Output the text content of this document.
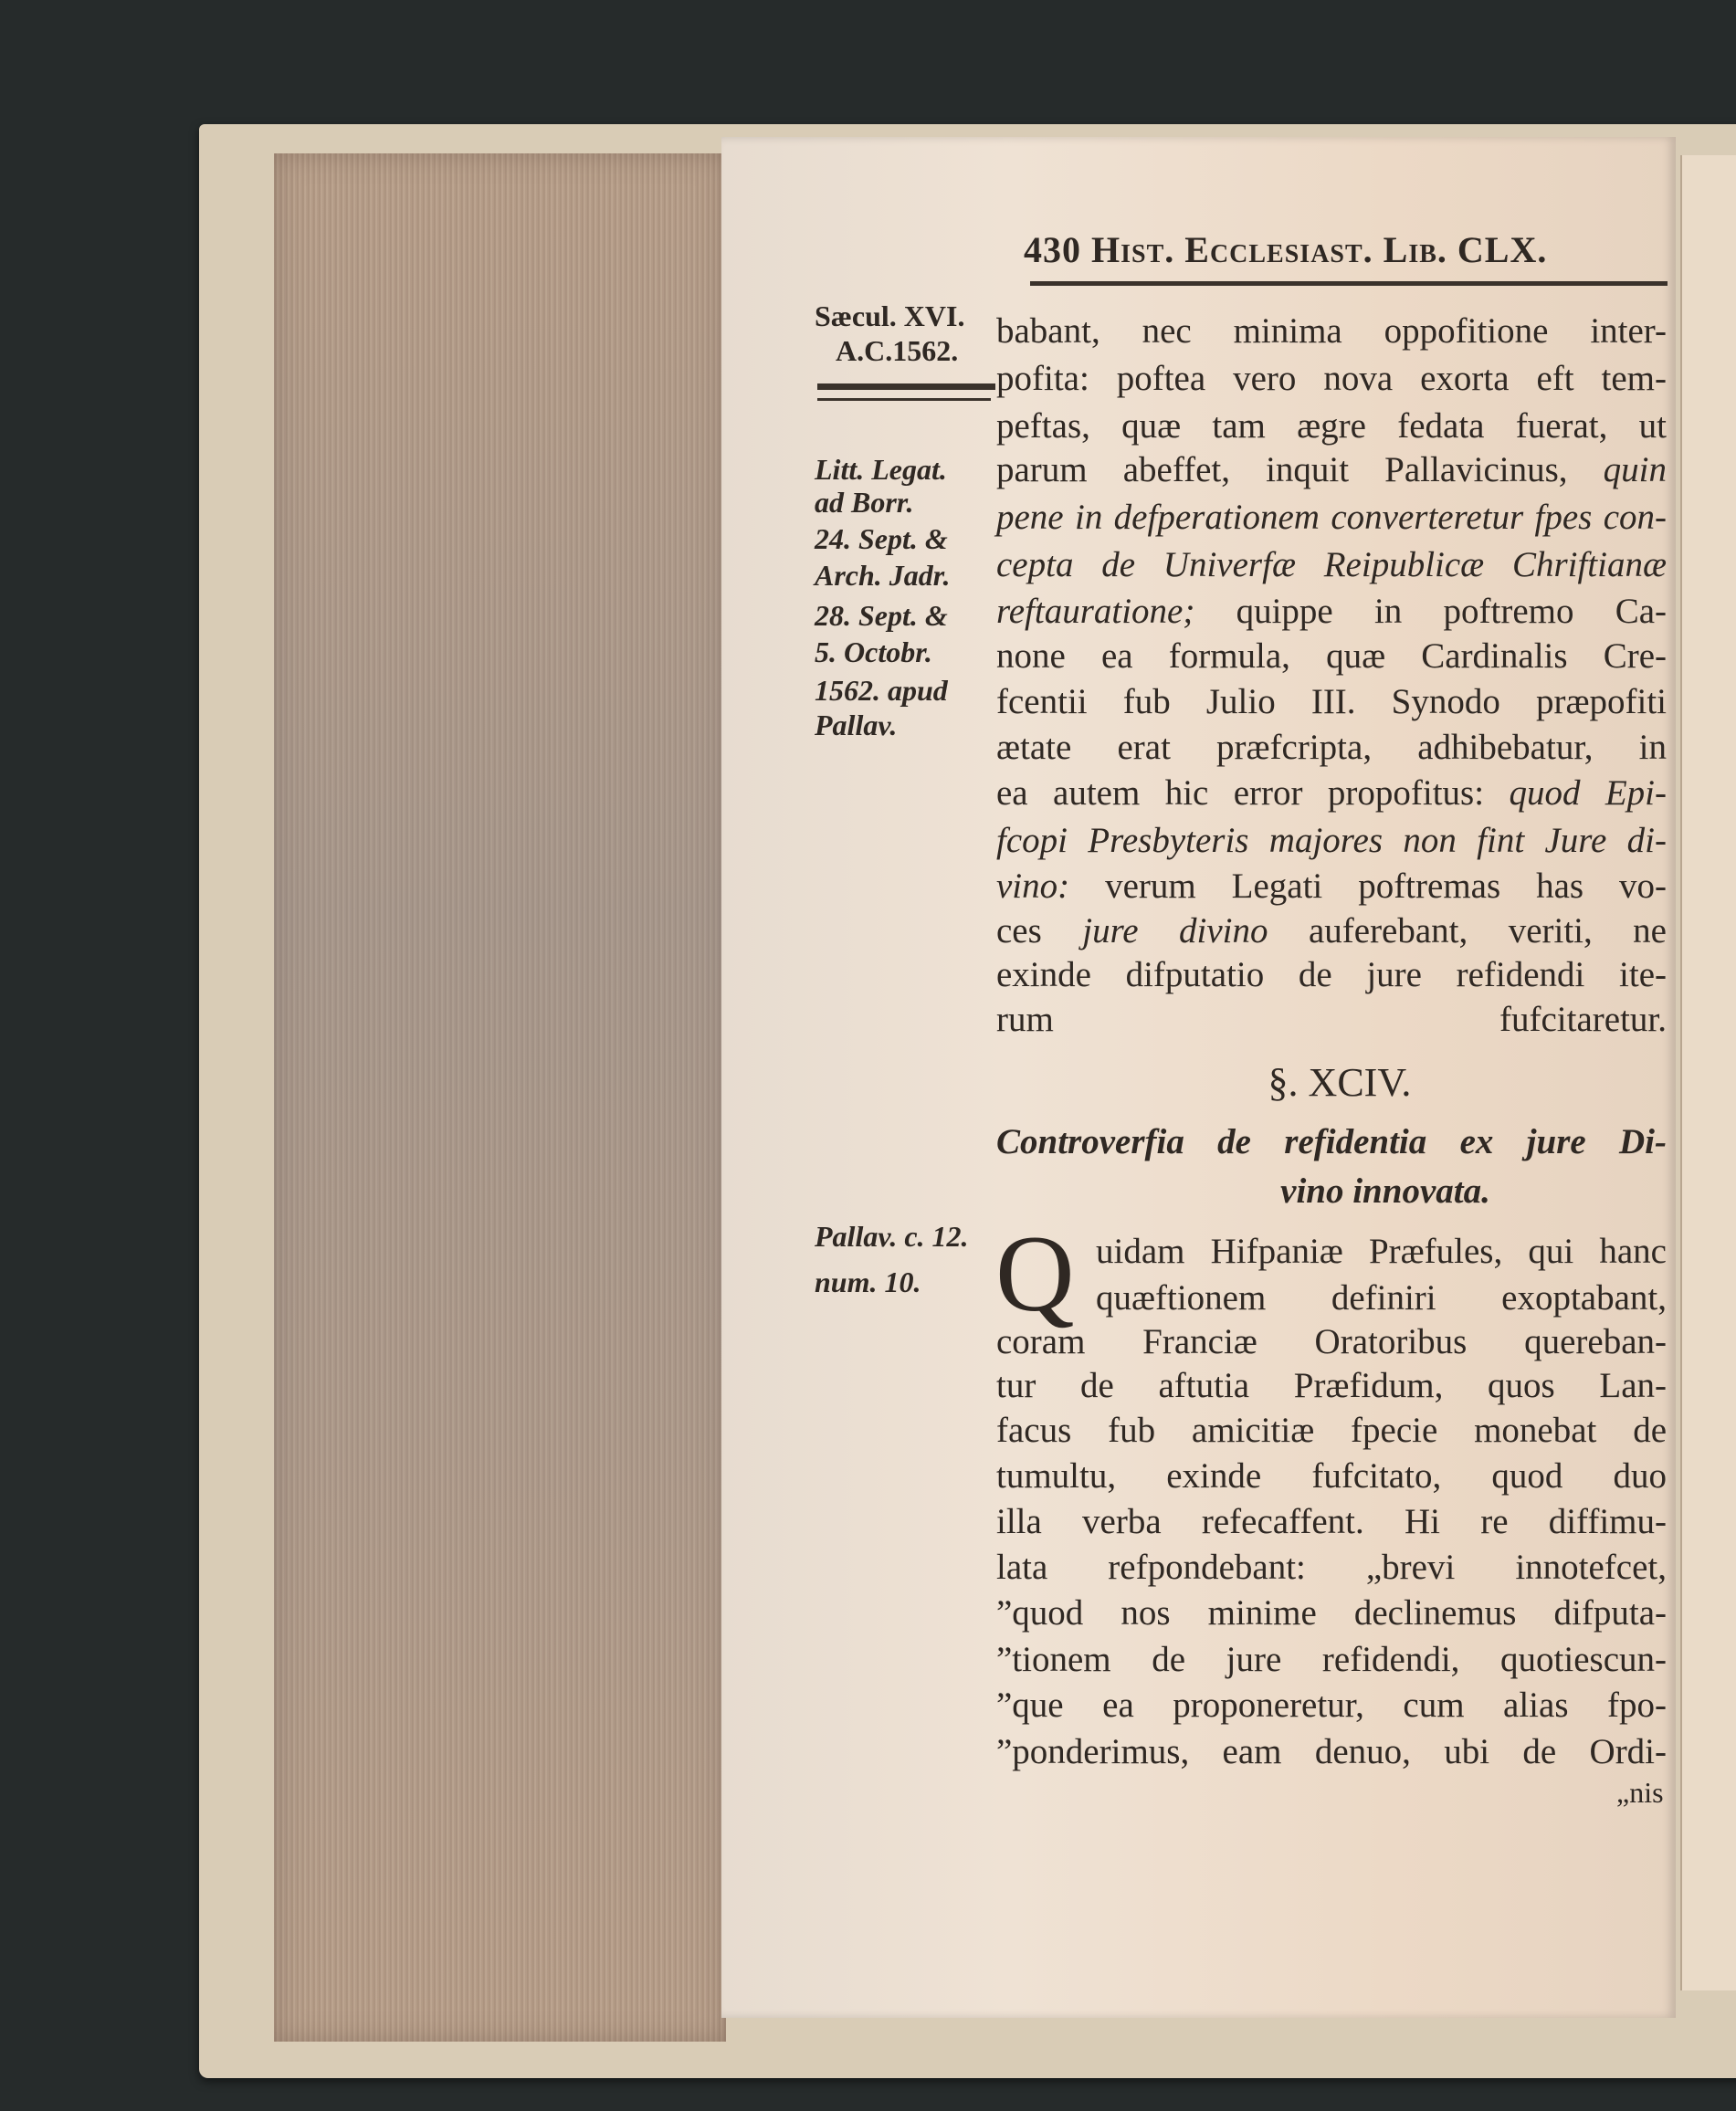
430 Hist. Ecclesiast. Lib. CLX.
Sæcul. XVI.
A.C.1562.
Litt. Legat.
ad Borr.
24. Sept. &
Arch. Jadr.
28. Sept. &
5. Octobr.
1562. apud
Pallav.
Pallav. c. 12.
num. 10.
babant, nec minima oppofitione inter-
pofita: poftea vero nova exorta eft tem-
peftas, quæ tam ægre fedata fuerat, ut
parum abeffet, inquit Pallavicinus, quin
pene in defperationem converteretur fpes con-
cepta de Univerfæ Reipublicæ Chriftianæ
reftauratione; quippe in poftremo Ca-
none ea formula, quæ Cardinalis Cre-
fcentii fub Julio III. Synodo præpofiti
ætate erat præfcripta, adhibebatur, in
ea autem hic error propofitus: quod Epi-
fcopi Presbyteris majores non fint Jure di-
vino: verum Legati poftremas has vo-
ces jure divino auferebant, veriti, ne
exinde difputatio de jure refidendi ite-
rum fufcitaretur.
§. XCIV.
Controverfia de refidentia ex jure Di-
vino innovata.
Q uidam Hifpaniæ Præfules, qui hanc
quæftionem definiri exoptabant,
coram Franciæ Oratoribus quereban-
tur de aftutia Præfidum, quos Lan-
facus fub amicitiæ fpecie monebat de
tumultu, exinde fufcitato, quod duo
illa verba refecaffent. Hi re diffimu-
lata refpondebant: „brevi innotefcet,
”quod nos minime declinemus difputa-
”tionem de jure refidendi, quotiescun-
”que ea proponeretur, cum alias fpo-
”ponderimus, eam denuo, ubi de Ordi-
„nis
